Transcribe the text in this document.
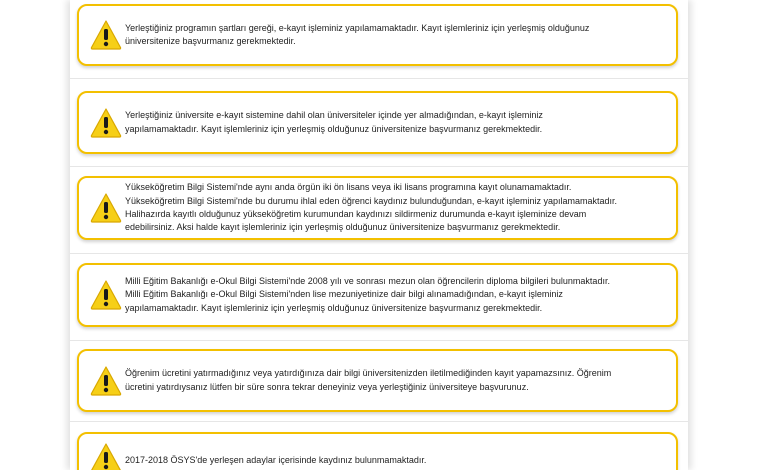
Yerleştiğiniz programın şartları gereği, e-kayıt işleminiz yapılamamaktadır. Kayıt işlemleriniz için yerleşmiş olduğunuz
üniversitenize başvurmanız gerekmektedir.
Yerleştiğiniz üniversite e-kayıt sistemine dahil olan üniversiteler içinde yer almadığından, e-kayıt işleminiz
yapılamamaktadır. Kayıt işlemleriniz için yerleşmiş olduğunuz üniversitenize başvurmanız gerekmektedir.
Yükseköğretim Bilgi Sistemi'nde aynı anda örgün iki ön lisans veya iki lisans programına kayıt olunamamaktadır.
Yükseköğretim Bilgi Sistemi'nde bu durumu ihlal eden öğrenci kaydınız bulunduğundan, e-kayıt işleminiz yapılamamaktadır.
Halihazırda kayıtlı olduğunuz yükseköğretim kurumundan kaydınızı sildirmeniz durumunda e-kayıt işleminize devam
edebilirsiniz. Aksi halde kayıt işlemleriniz için yerleşmiş olduğunuz üniversitenize başvurmanız gerekmektedir.
Milli Eğitim Bakanlığı e-Okul Bilgi Sistemi'nde 2008 yılı ve sonrası mezun olan öğrencilerin diploma bilgileri bulunmaktadır.
Milli Eğitim Bakanlığı e-Okul Bilgi Sistemi'nden lise mezuniyetinize dair bilgi alınamadığından, e-kayıt işleminiz
yapılamamaktadır. Kayıt işlemleriniz için yerleşmiş olduğunuz üniversitenize başvurmanız gerekmektedir.
Öğrenim ücretini yatırmadığınız veya yatırdığınıza dair bilgi üniversitenizden iletilmediğinden kayıt yapamazsınız. Öğrenim
ücretini yatırdıysanız lütfen bir süre sonra tekrar deneyiniz veya yerleştiğiniz üniversiteye başvurunuz.
2017-2018 ÖSYS'de yerleşen adaylar içerisinde kaydınız bulunmamaktadır.
